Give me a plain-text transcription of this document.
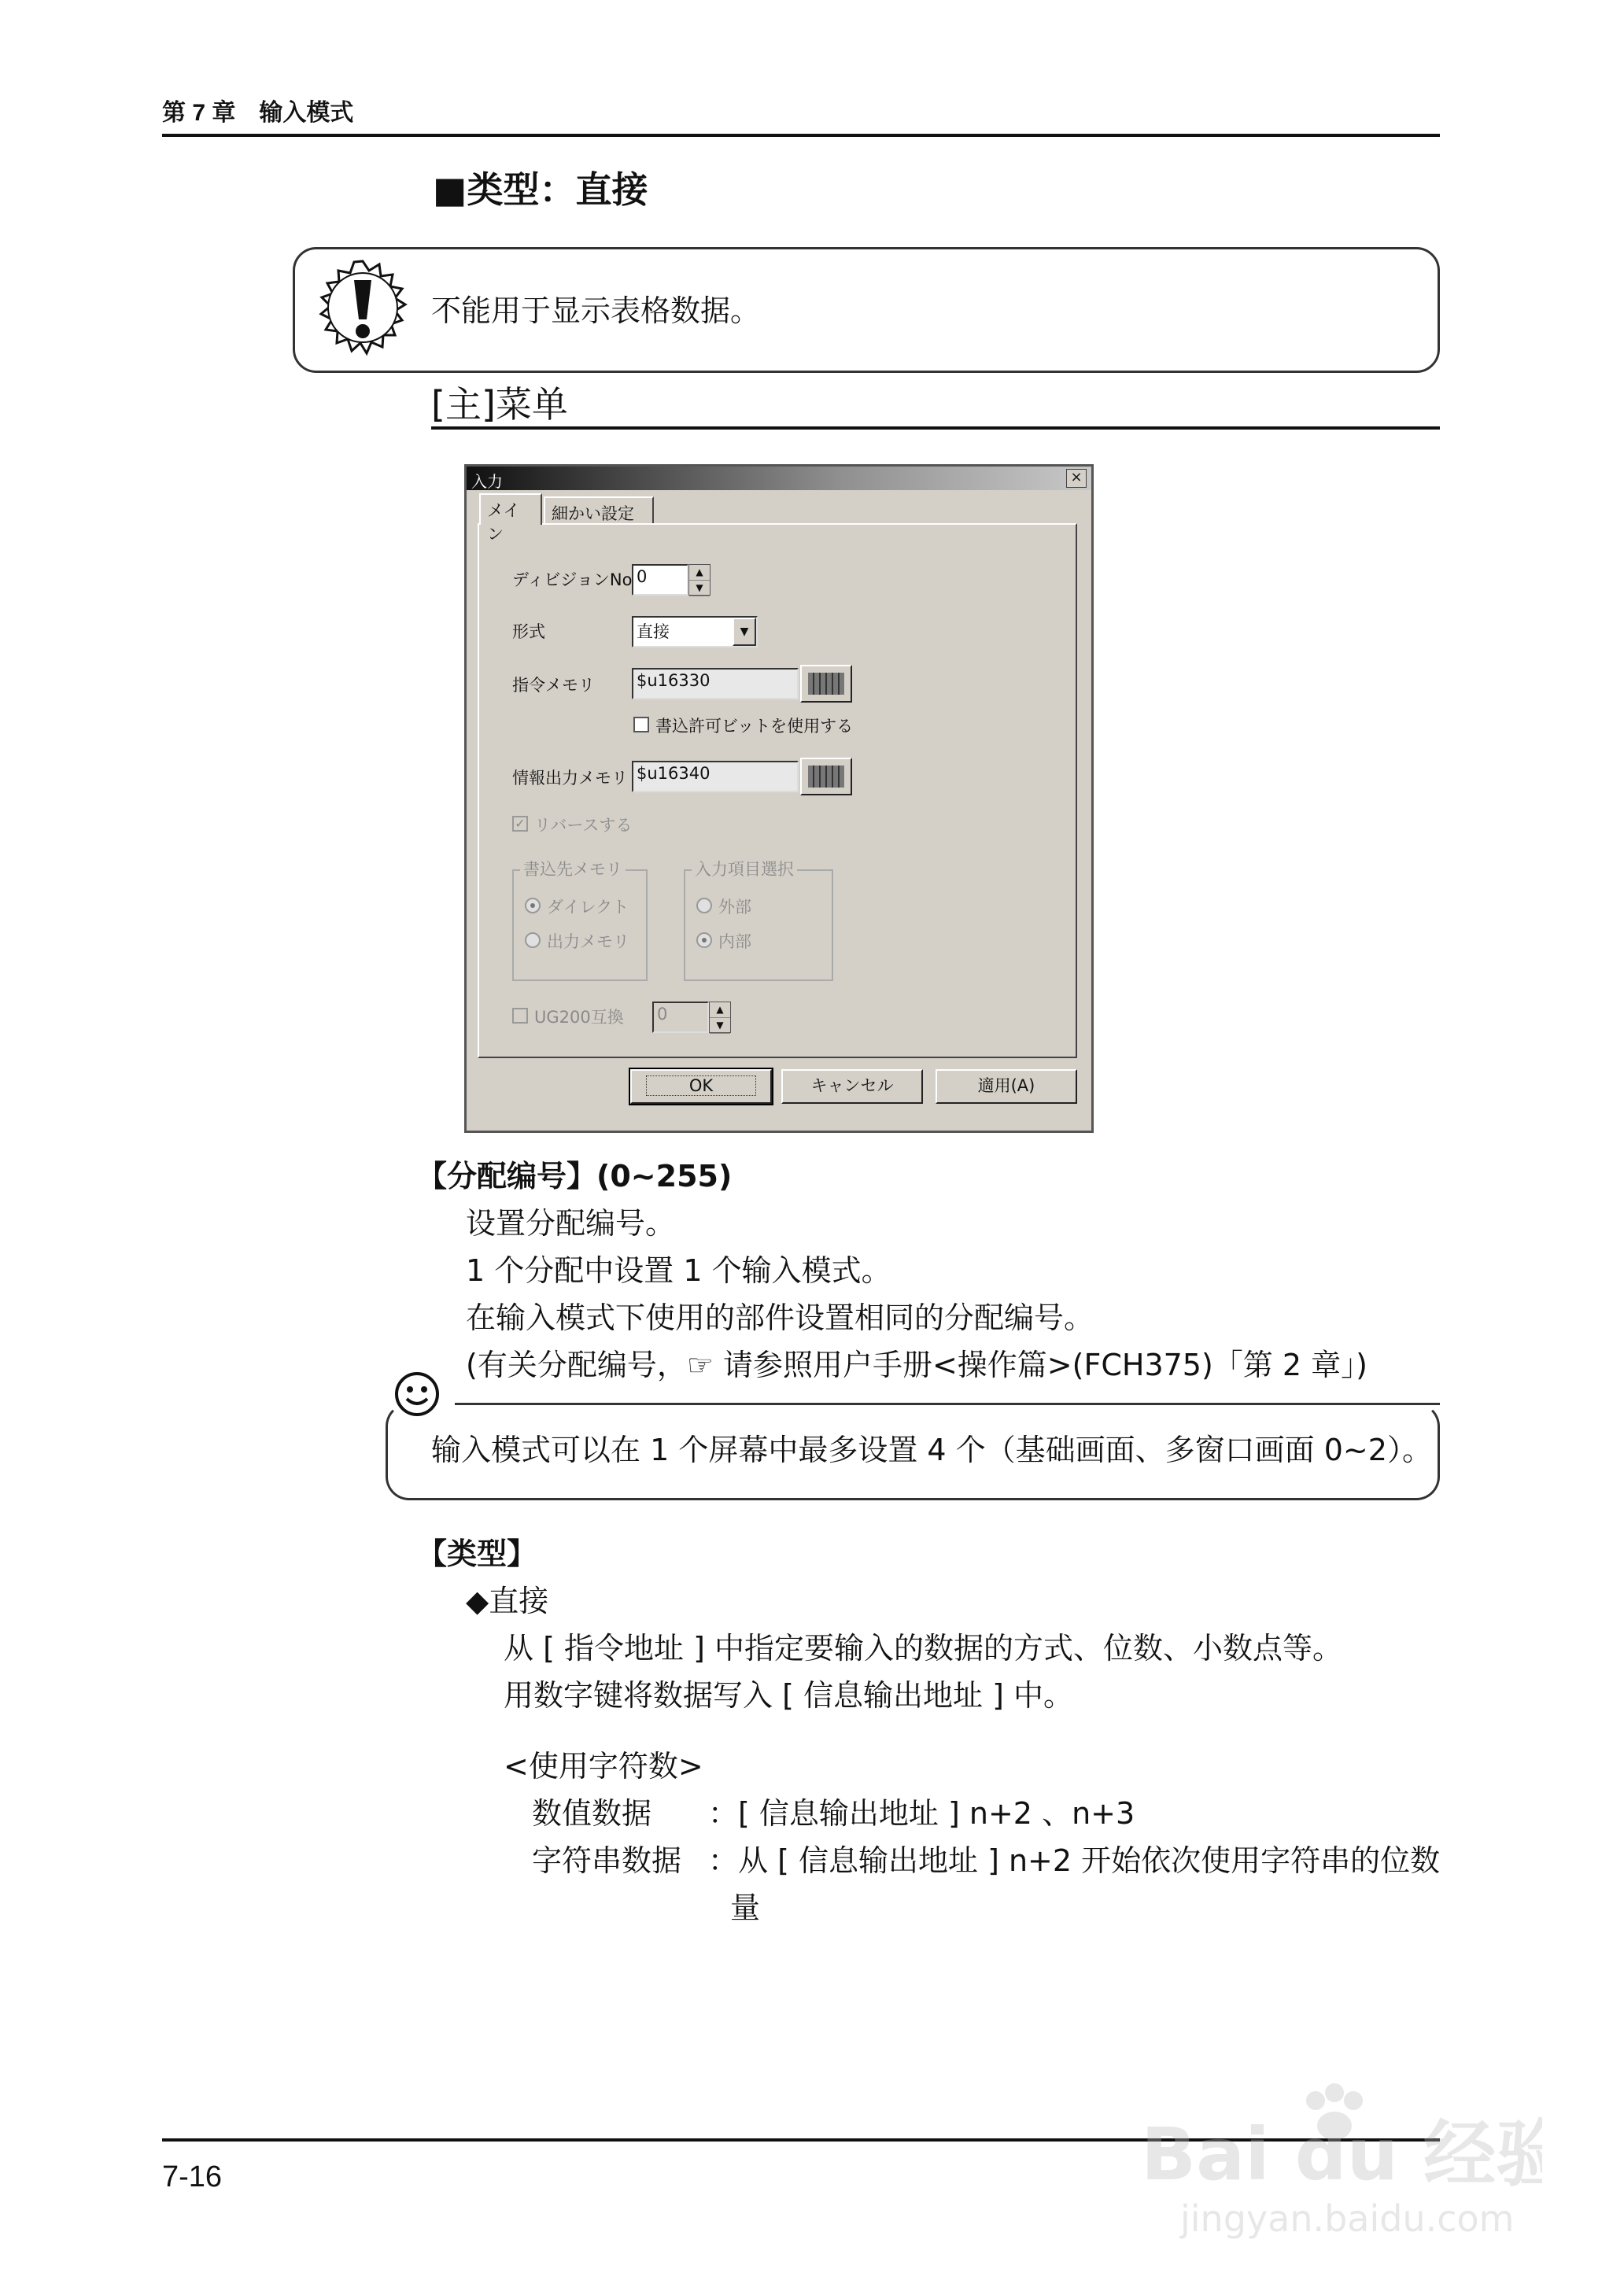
第 7 章　输入模式
■类型：直接
不能用于显示表格数据。
[主]菜单
入力	×
メイン
細かい設定
ディビジョンNo 0	▲
▼
形式	直接	▼
指令メモリ	$u16330
書込許可ビットを使用する
情報出力メモリ $u16340
✓ リバースする
書込先メモリ
ダイレクト
出力メモリ
入力項目選択
外部
内部
UG200互換 0	▲
▼
OK	キャンセル	適用(A)
【分配编号】(0~255)
设置分配编号。
1 个分配中设置 1 个输入模式。
在输入模式下使用的部件设置相同的分配编号。
(有关分配编号，☞ 请参照用户手册<操作篇>(FCH375)「第 2 章」)
输入模式可以在 1 个屏幕中最多设置 4 个（基础画面、多窗口画面 0~2）。
【类型】
◆直接
从 [ 指令地址 ] 中指定要输入的数据的方式、位数、小数点等。
用数字键将数据写入 [ 信息输出地址 ] 中。
<使用字符数>
数值数据 ：[ 信息输出地址 ] n+2 、n+3
字符串数据 ：从 [ 信息输出地址 ] n+2 开始依次使用字符串的位数
量
7-16	Bai du 经验
jingyan.baidu.com
